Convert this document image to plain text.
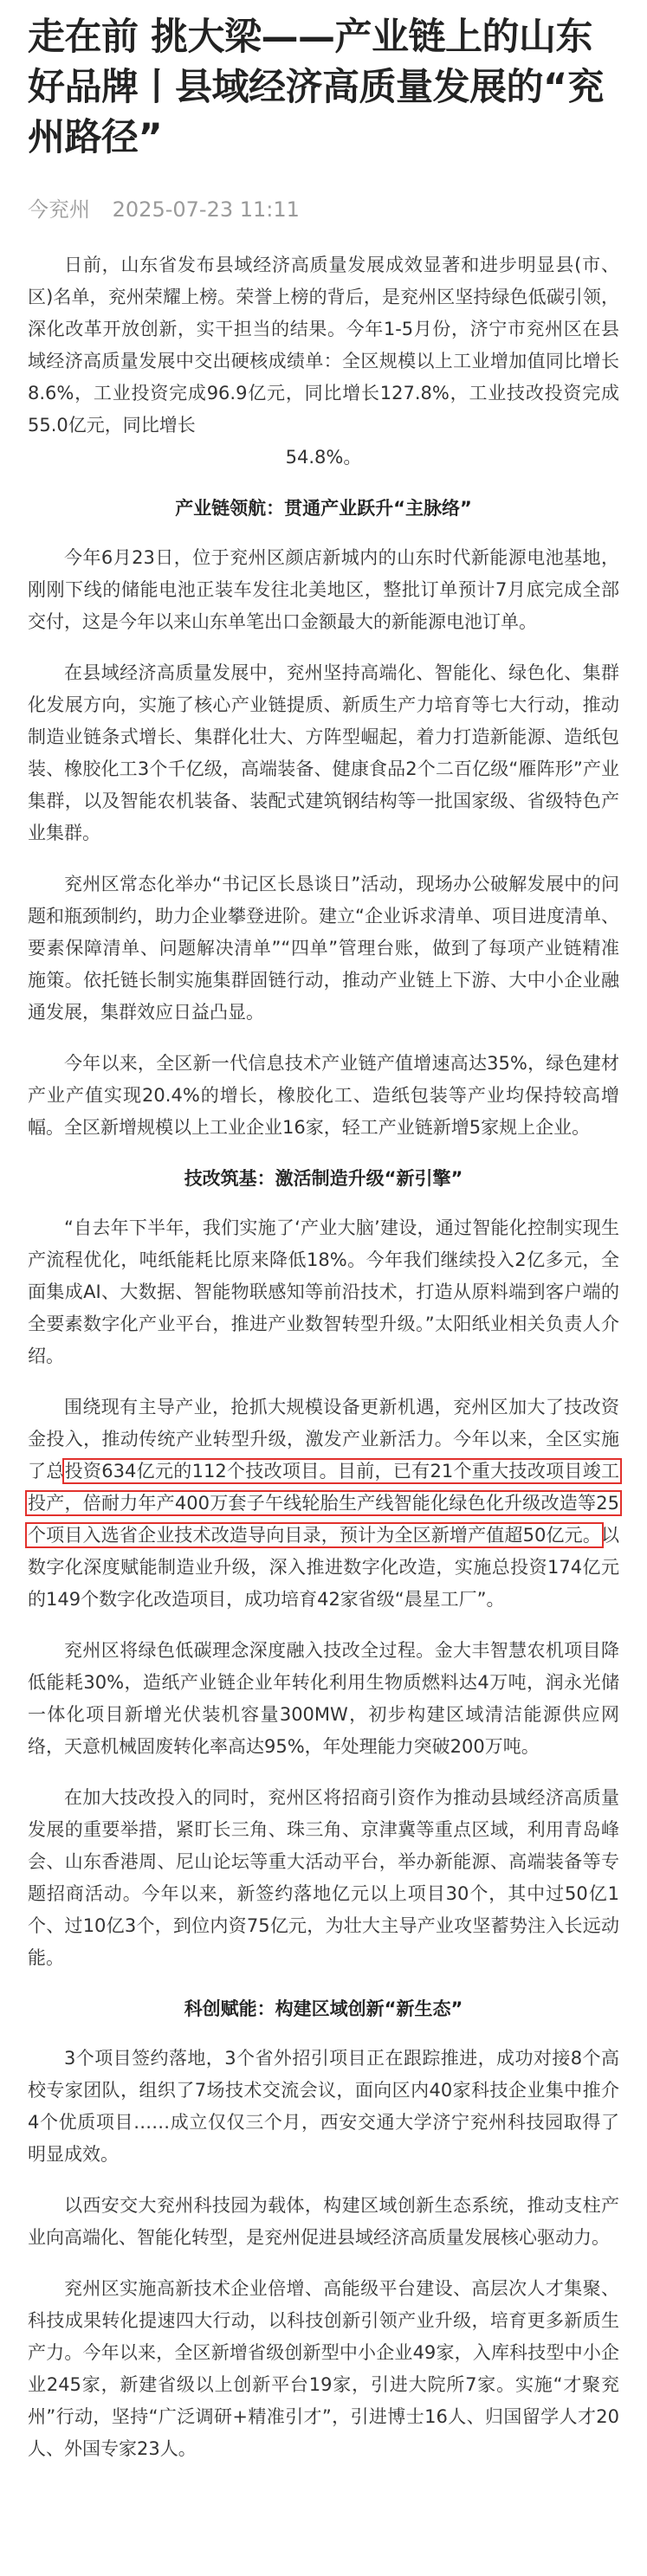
走在前 挑大梁——产业链上的山东好品牌丨县域经济高质量发展的“兖州路径”
今兖州 2025-07-23 11:11

日前，山东省发布县域经济高质量发展成效显著和进步明显县(市、区)名单，兖州荣耀上榜。荣誉上榜的背后，是兖州区坚持绿色低碳引领，深化改革开放创新，实干担当的结果。今年1-5月份，济宁市兖州区在县域经济高质量发展中交出硬核成绩单：全区规模以上工业增加值同比增长8.6%，工业投资完成96.9亿元，同比增长127.8%，工业技改投资完成55.0亿元，同比增长

54.8%。

产业链领航：贯通产业跃升“主脉络”

今年6月23日，位于兖州区颜店新城内的山东时代新能源电池基地，刚刚下线的储能电池正装车发往北美地区，整批订单预计7月底完成全部交付，这是今年以来山东单笔出口金额最大的新能源电池订单。

在县域经济高质量发展中，兖州坚持高端化、智能化、绿色化、集群化发展方向，实施了核心产业链提质、新质生产力培育等七大行动，推动制造业链条式增长、集群化壮大、方阵型崛起，着力打造新能源、造纸包装、橡胶化工3个千亿级，高端装备、健康食品2个二百亿级“雁阵形”产业集群，以及智能农机装备、装配式建筑钢结构等一批国家级、省级特色产业集群。

兖州区常态化举办“书记区长恳谈日”活动，现场办公破解发展中的问题和瓶颈制约，助力企业攀登进阶。建立“企业诉求清单、项目进度清单、要素保障清单、问题解决清单”“四单”管理台账，做到了每项产业链精准施策。依托链长制实施集群固链行动，推动产业链上下游、大中小企业融通发展，集群效应日益凸显。

今年以来，全区新一代信息技术产业链产值增速高达35%，绿色建材产业产值实现20.4%的增长，橡胶化工、造纸包装等产业均保持较高增幅。全区新增规模以上工业企业16家，轻工产业链新增5家规上企业。

技改筑基：激活制造升级“新引擎”

“自去年下半年，我们实施了‘产业大脑’建设，通过智能化控制实现生产流程优化，吨纸能耗比原来降低18%。今年我们继续投入2亿多元，全面集成AI、大数据、智能物联感知等前沿技术，打造从原料端到客户端的全要素数字化产业平台，推进产业数智转型升级。”太阳纸业相关负责人介绍。

围绕现有主导产业，抢抓大规模设备更新机遇，兖州区加大了技改资金投入，推动传统产业转型升级，激发产业新活力。今年以来，全区实施了总投资634亿元的112个技改项目。目前，已有21个重大技改项目竣工投产，倍耐力年产400万套子午线轮胎生产线智能化绿色化升级改造等25个项目入选省企业技术改造导向目录，预计为全区新增产值超50亿元。以数字化深度赋能制造业升级，深入推进数字化改造，实施总投资174亿元的149个数字化改造项目，成功培育42家省级“晨星工厂”。

兖州区将绿色低碳理念深度融入技改全过程。金大丰智慧农机项目降低能耗30%，造纸产业链企业年转化利用生物质燃料达4万吨，润永光储一体化项目新增光伏装机容量300MW，初步构建区域清洁能源供应网络，天意机械固废转化率高达95%，年处理能力突破200万吨。

在加大技改投入的同时，兖州区将招商引资作为推动县域经济高质量发展的重要举措，紧盯长三角、珠三角、京津冀等重点区域，利用青岛峰会、山东香港周、尼山论坛等重大活动平台，举办新能源、高端装备等专题招商活动。今年以来，新签约落地亿元以上项目30个，其中过50亿1个、过10亿3个，到位内资75亿元，为壮大主导产业攻坚蓄势注入长远动能。

科创赋能：构建区域创新“新生态”

3个项目签约落地，3个省外招引项目正在跟踪推进，成功对接8个高校专家团队，组织了7场技术交流会议，面向区内40家科技企业集中推介4个优质项目……成立仅仅三个月，西安交通大学济宁兖州科技园取得了明显成效。

以西安交大兖州科技园为载体，构建区域创新生态系统，推动支柱产业向高端化、智能化转型，是兖州促进县域经济高质量发展核心驱动力。

兖州区实施高新技术企业倍增、高能级平台建设、高层次人才集聚、科技成果转化提速四大行动，以科技创新引领产业升级，培育更多新质生产力。今年以来，全区新增省级创新型中小企业49家，入库科技型中小企业245家，新建省级以上创新平台19家，引进大院所7家。实施“才聚兖州”行动，坚持“广泛调研+精准引才”，引进博士16人、归国留学人才20人、外国专家23人。
